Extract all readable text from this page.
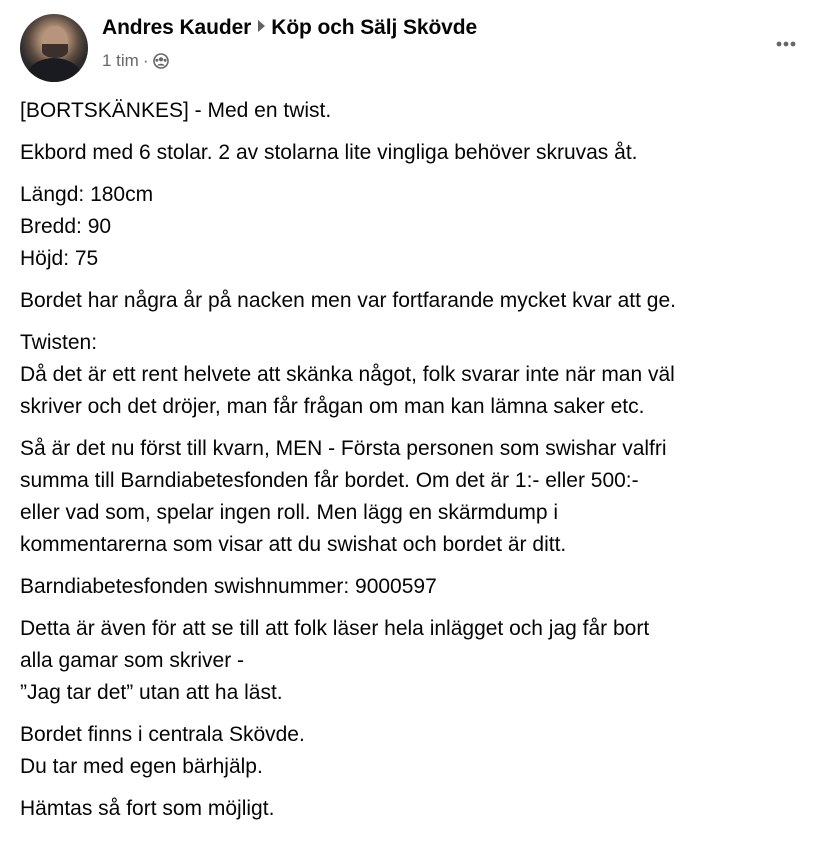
Andres Kauder Köp och Sälj Skövde
1 tim ·

[BORTSKÄNKES] - Med en twist.

Ekbord med 6 stolar. 2 av stolarna lite vingliga behöver skruvas åt.

Längd: 180cm
Bredd: 90
Höjd: 75

Bordet har några år på nacken men var fortfarande mycket kvar att ge.

Twisten:
Då det är ett rent helvete att skänka något, folk svarar inte när man väl
skriver och det dröjer, man får frågan om man kan lämna saker etc.

Så är det nu först till kvarn, MEN - Första personen som swishar valfri
summa till Barndiabetesfonden får bordet. Om det är 1:- eller 500:-
eller vad som, spelar ingen roll. Men lägg en skärmdump i
kommentarerna som visar att du swishat och bordet är ditt.

Barndiabetesfonden swishnummer: 9000597

Detta är även för att se till att folk läser hela inlägget och jag får bort
alla gamar som skriver -
”Jag tar det” utan att ha läst.

Bordet finns i centrala Skövde.
Du tar med egen bärhjälp.

Hämtas så fort som möjligt.
